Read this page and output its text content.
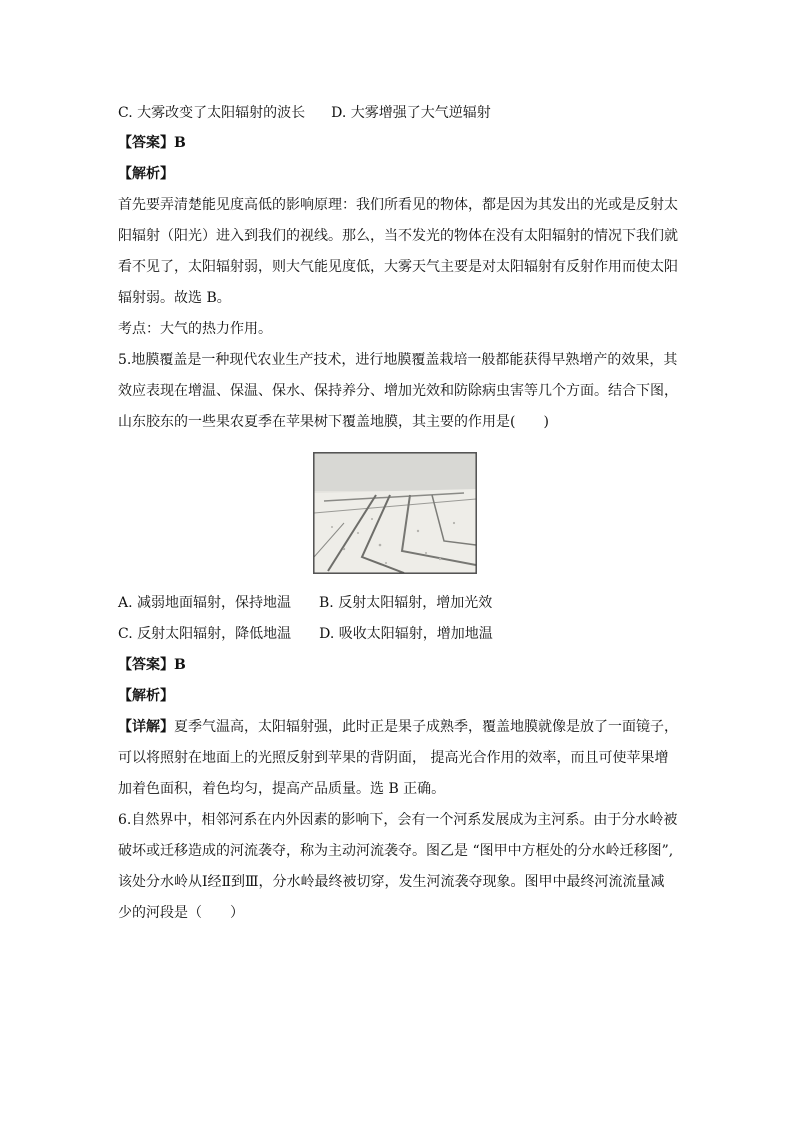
C. 大雾改变了太阳辐射的波长 D. 大雾增强了大气逆辐射
【答案】B
【解析】
首先要弄清楚能见度高低的影响原理：我们所看见的物体，都是因为其发出的光或是反射太
阳辐射（阳光）进入到我们的视线。那么，当不发光的物体在没有太阳辐射的情况下我们就
看不见了，太阳辐射弱，则大气能见度低，大雾天气主要是对太阳辐射有反射作用而使太阳
辐射弱。故选 B。
考点：大气的热力作用。
5.地膜覆盖是一种现代农业生产技术，进行地膜覆盖栽培一般都能获得早熟增产的效果，其
效应表现在增温、保温、保水、保持养分、增加光效和防除病虫害等几个方面。结合下图，
山东胶东的一些果农夏季在苹果树下覆盖地膜，其主要的作用是(　　)
A. 减弱地面辐射，保持地温 B. 反射太阳辐射，增加光效
C. 反射太阳辐射，降低地温 D. 吸收太阳辐射，增加地温
【答案】B
【解析】
【详解】夏季气温高，太阳辐射强，此时正是果子成熟季，覆盖地膜就像是放了一面镜子，
可以将照射在地面上的光照反射到苹果的背阴面， 提高光合作用的效率，而且可使苹果增
加着色面积，着色均匀，提高产品质量。选 B 正确。
6.自然界中，相邻河系在内外因素的影响下，会有一个河系发展成为主河系。由于分水岭被
破坏或迁移造成的河流袭夺，称为主动河流袭夺。图乙是 “图甲中方框处的分水岭迁移图”,
该处分水岭从Ⅰ经Ⅱ到Ⅲ，分水岭最终被切穿，发生河流袭夺现象。图甲中最终河流流量减
少的河段是（　　）
